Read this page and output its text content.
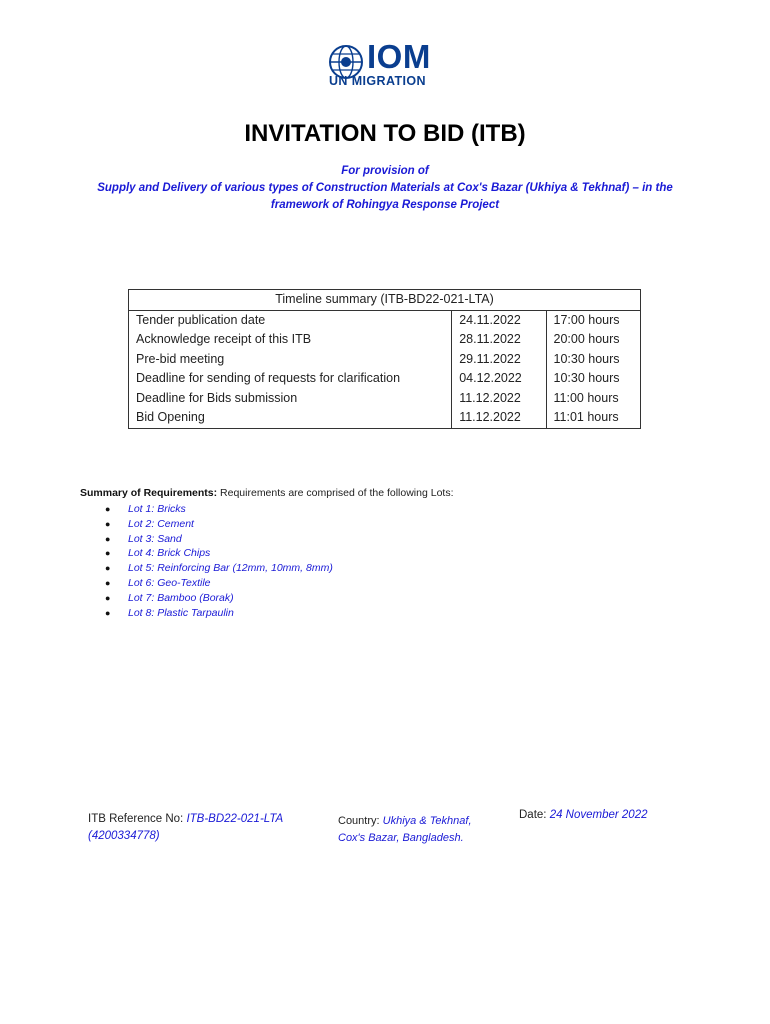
IOM
UN MIGRATION
INVITATION TO BID (ITB)
For provision of
Supply and Delivery of various types of Construction Materials at Cox's Bazar (Ukhiya & Tekhnaf) – in the framework of Rohingya Response Project
Timeline summary (ITB-BD22-021-LTA)		
Tender publication date	24.11.2022	17:00 hours
Acknowledge receipt of this ITB	28.11.2022	20:00 hours
Pre-bid meeting	29.11.2022	10:30 hours
Deadline for sending of requests for clarification	04.12.2022	10:30 hours
Deadline for Bids submission	11.12.2022	11:00 hours
Bid Opening	11.12.2022	11:01 hours
Summary of Requirements: Requirements are comprised of the following Lots:
● Lot 1: Bricks
● Lot 2: Cement
● Lot 3: Sand
● Lot 4: Brick Chips
● Lot 5: Reinforcing Bar (12mm, 10mm, 8mm)
● Lot 6: Geo-Textile
● Lot 7: Bamboo (Borak)
● Lot 8: Plastic Tarpaulin
ITB Reference No: ITB-BD22-021-LTA
(4200334778)
Country: Ukhiya & Tekhnaf,
Cox's Bazar, Bangladesh.
Date: 24 November 2022
